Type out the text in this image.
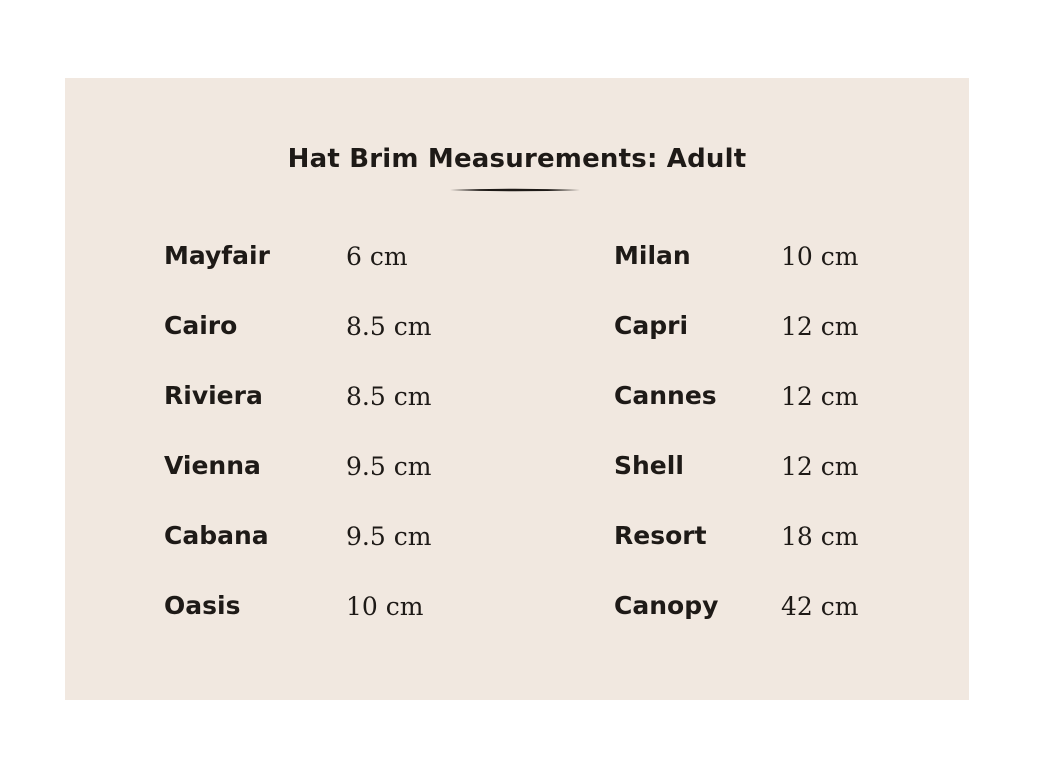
Hat Brim Measurements: Adult
Mayfair	6 cm
Cairo	8.5 cm
Riviera	8.5 cm
Vienna	9.5 cm
Cabana	9.5 cm
Oasis	10 cm
Milan	10 cm
Capri	12 cm
Cannes	12 cm
Shell	12 cm
Resort	18 cm
Canopy	42 cm
